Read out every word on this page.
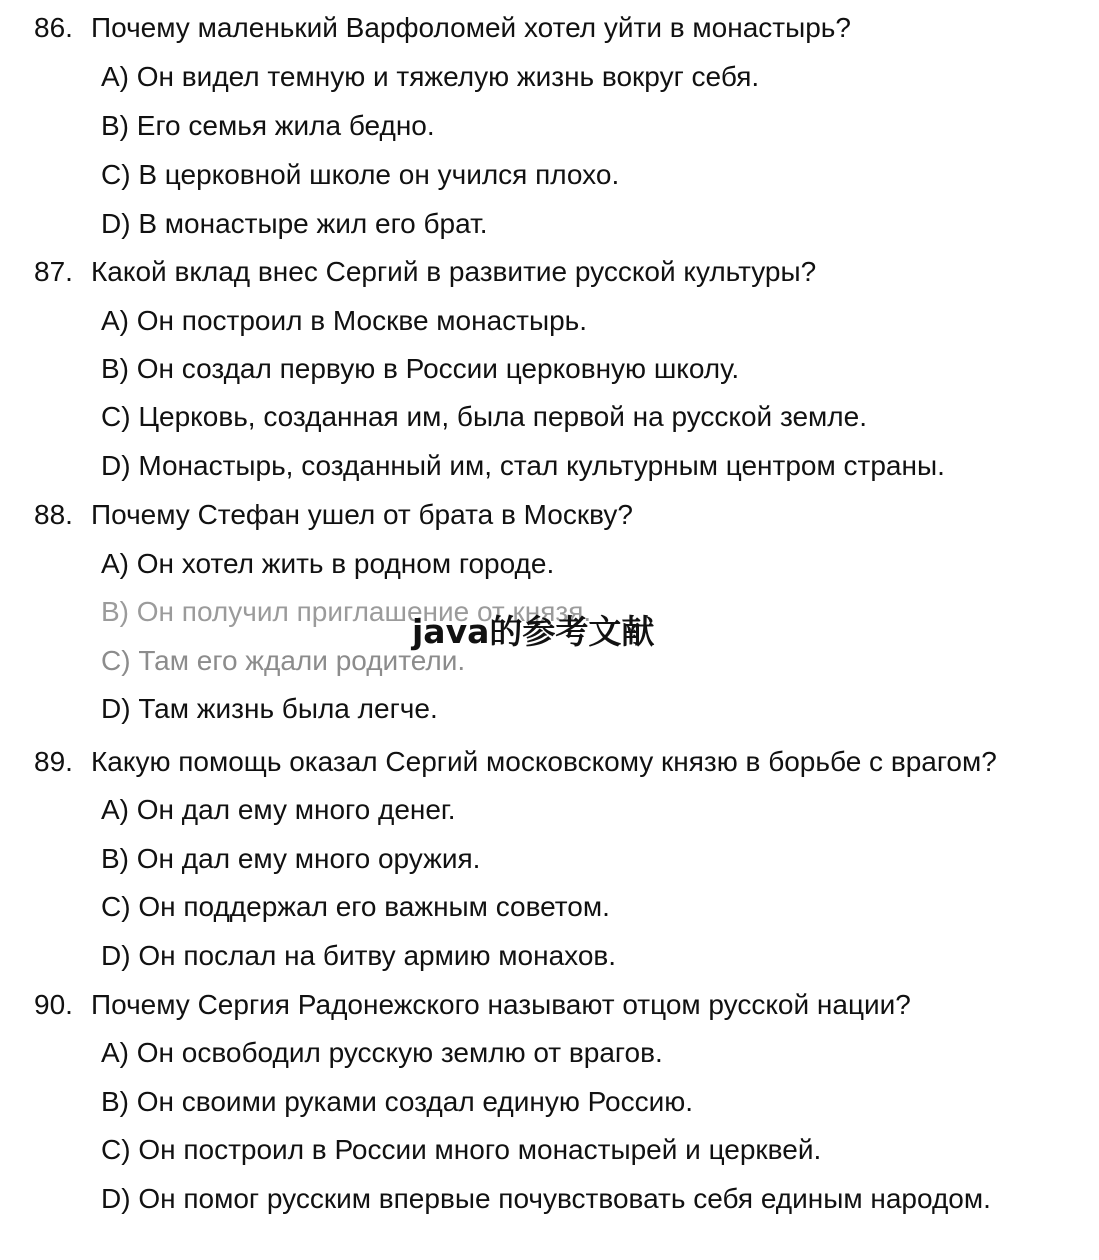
86. Почему маленький Варфоломей хотел уйти в монастырь?
A) Он видел темную и тяжелую жизнь вокруг себя.
B) Его семья жила бедно.
C) В церковной школе он учился плохо.
D) В монастыре жил его брат.
87. Какой вклад внес Сергий в развитие русской культуры?
A) Он построил в Москве монастырь.
B) Он создал первую в России церковную школу.
C) Церковь, созданная им, была первой на русской земле.
D) Монастырь, созданный им, стал культурным центром страны.
88. Почему Стефан ушел от брата в Москву?
A) Он хотел жить в родном городе.
B) Он получил приглашение от князя.
C) Там его ждали родители.
D) Там жизнь была легче.
89. Какую помощь оказал Сергий московскому князю в борьбе с врагом?
A) Он дал ему много денег.
B) Он дал ему много оружия.
C) Он поддержал его важным советом.
D) Он послал на битву армию монахов.
90. Почему Сергия Радонежского называют отцом русской нации?
A) Он освободил русскую землю от врагов.
B) Он своими руками создал единую Россию.
C) Он построил в России много монастырей и церквей.
D) Он помог русским впервые почувствовать себя единым народом.
java的参考文献
